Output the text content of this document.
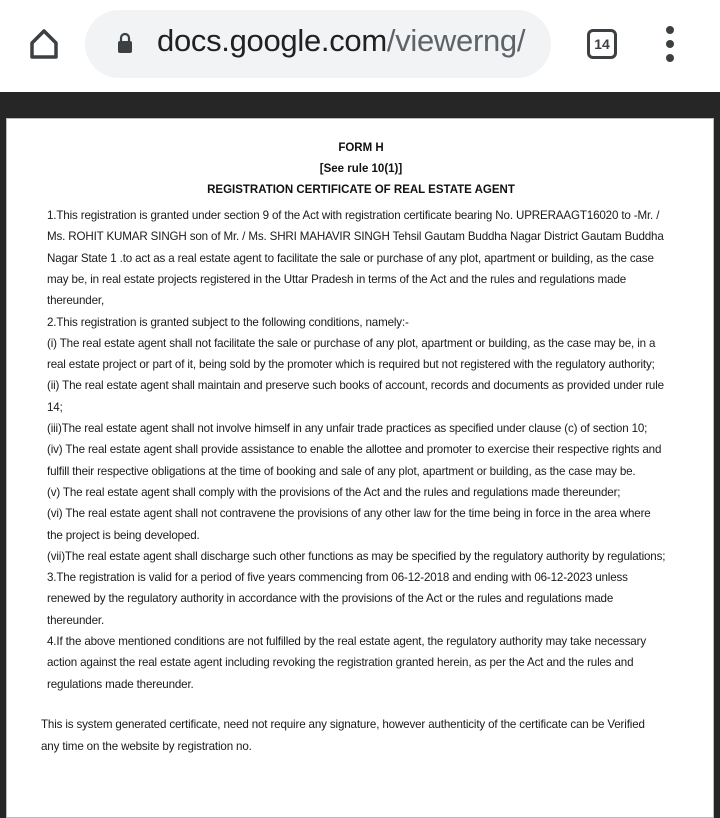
docs.google.com/viewerng/	14
FORM H
[See rule 10(1)]
REGISTRATION CERTIFICATE OF REAL ESTATE AGENT
1.This registration is granted under section 9 of the Act with registration certificate bearing No. UPRERAAGT16020 to -Mr. /
Ms. ROHIT KUMAR SINGH son of Mr. / Ms. SHRI MAHAVIR SINGH Tehsil Gautam Buddha Nagar District Gautam Buddha
Nagar State 1 .to act as a real estate agent to facilitate the sale or purchase of any plot, apartment or building, as the case
may be, in real estate projects registered in the Uttar Pradesh in terms of the Act and the rules and regulations made
thereunder,
2.This registration is granted subject to the following conditions, namely:-
(i) The real estate agent shall not facilitate the sale or purchase of any plot, apartment or building, as the case may be, in a
real estate project or part of it, being sold by the promoter which is required but not registered with the regulatory authority;
(ii) The real estate agent shall maintain and preserve such books of account, records and documents as provided under rule
14;
(iii)The real estate agent shall not involve himself in any unfair trade practices as specified under clause (c) of section 10;
(iv) The real estate agent shall provide assistance to enable the allottee and promoter to exercise their respective rights and
fulfill their respective obligations at the time of booking and sale of any plot, apartment or building, as the case may be.
(v) The real estate agent shall comply with the provisions of the Act and the rules and regulations made thereunder;
(vi) The real estate agent shall not contravene the provisions of any other law for the time being in force in the area where
the project is being developed.
(vii)The real estate agent shall discharge such other functions as may be specified by the regulatory authority by regulations;
3.The registration is valid for a period of five years commencing from 06-12-2018 and ending with 06-12-2023 unless
renewed by the regulatory authority in accordance with the provisions of the Act or the rules and regulations made
thereunder.
4.If the above mentioned conditions are not fulfilled by the real estate agent, the regulatory authority may take necessary
action against the real estate agent including revoking the registration granted herein, as per the Act and the rules and
regulations made thereunder.
This is system generated certificate, need not require any signature, however authenticity of the certificate can be Verified
any time on the website by registration no.
